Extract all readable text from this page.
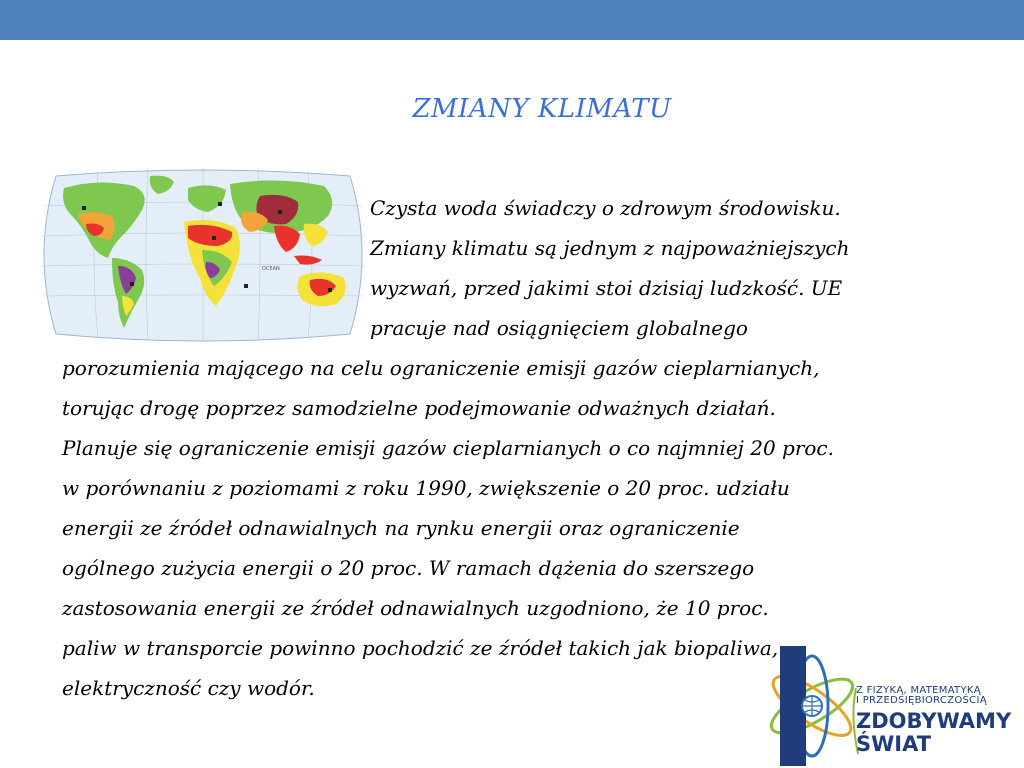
ZMIANY KLIMATU
OCEAN
Czysta woda świadczy o zdrowym środowisku.
Zmiany klimatu są jednym z najpoważniejszych
wyzwań, przed jakimi stoi dzisiaj ludzkość. UE
pracuje nad osiągnięciem globalnego
porozumienia mającego na celu ograniczenie emisji gazów cieplarnianych,
torując drogę poprzez samodzielne podejmowanie odważnych działań.
Planuje się ograniczenie emisji gazów cieplarnianych o co najmniej 20 proc.
w porównaniu z poziomami z roku 1990, zwiększenie o 20 proc. udziału
energii ze źródeł odnawialnych na rynku energii oraz ograniczenie
ogólnego zużycia energii o 20 proc. W ramach dążenia do szerszego
zastosowania energii ze źródeł odnawialnych uzgodniono, że 10 proc.
paliw w transporcie powinno pochodzić ze źródeł takich jak biopaliwa,
elektryczność czy wodór.	Z FIZYKĄ, MATEMATYKĄ
I PRZEDSIĘBIORCZOŚCIĄ
ZDOBYWAMY
ŚWIAT
